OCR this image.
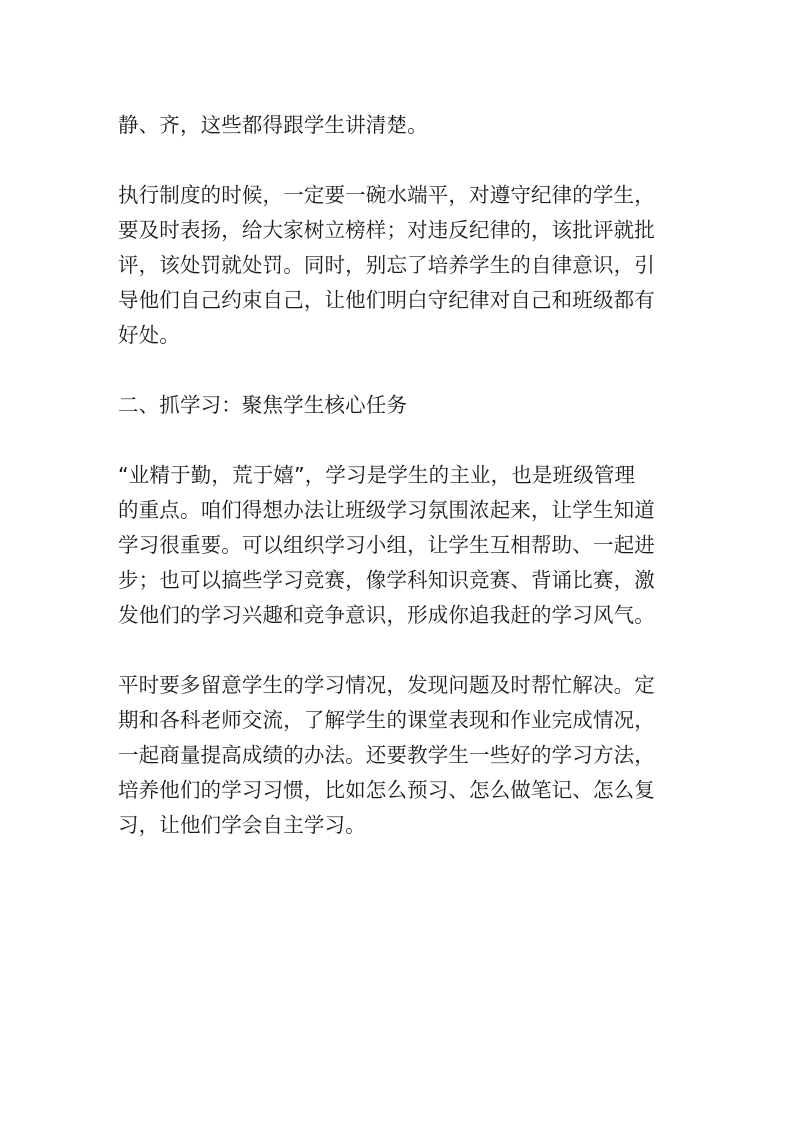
静、齐，这些都得跟学生讲清楚。

执行制度的时候，一定要一碗水端平，对遵守纪律的学生，
要及时表扬，给大家树立榜样；对违反纪律的，该批评就批
评，该处罚就处罚。同时，别忘了培养学生的自律意识，引
导他们自己约束自己，让他们明白守纪律对自己和班级都有
好处。

二、抓学习：聚焦学生核心任务

“业精于勤，荒于嬉”，学习是学生的主业，也是班级管理
的重点。咱们得想办法让班级学习氛围浓起来，让学生知道
学习很重要。可以组织学习小组，让学生互相帮助、一起进
步；也可以搞些学习竞赛，像学科知识竞赛、背诵比赛，激
发他们的学习兴趣和竞争意识，形成你追我赶的学习风气。

平时要多留意学生的学习情况，发现问题及时帮忙解决。定
期和各科老师交流，了解学生的课堂表现和作业完成情况，
一起商量提高成绩的办法。还要教学生一些好的学习方法，
培养他们的学习习惯，比如怎么预习、怎么做笔记、怎么复
习，让他们学会自主学习。
